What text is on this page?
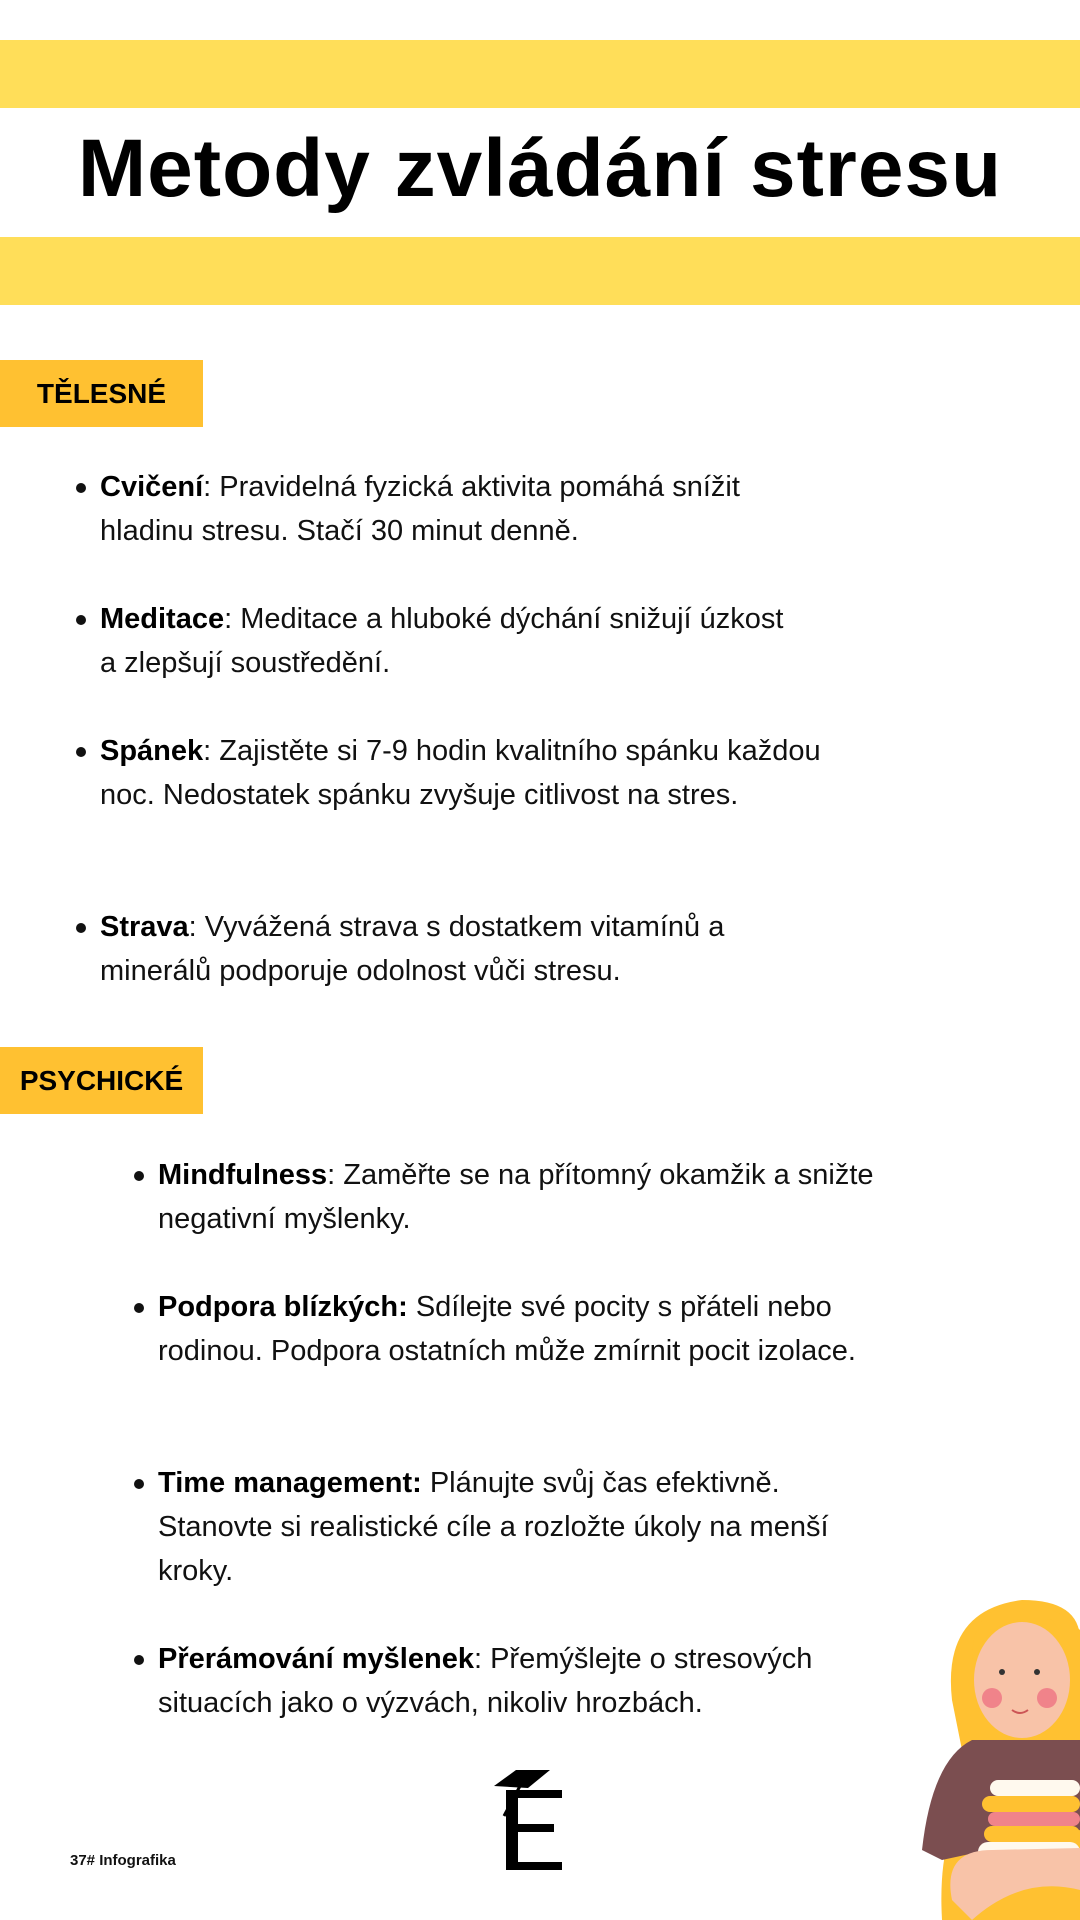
Metody zvládání stresu
TĚLESNÉ
Cvičení: Pravidelná fyzická aktivita pomáhá snížit hladinu stresu. Stačí 30 minut denně.
Meditace: Meditace a hluboké dýchání snižují úzkost a zlepšují soustředění.
Spánek: Zajistěte si 7-9 hodin kvalitního spánku každou noc. Nedostatek spánku zvyšuje citlivost na stres.
Strava: Vyvážená strava s dostatkem vitamínů a minerálů podporuje odolnost vůči stresu.
PSYCHICKÉ
Mindfulness: Zaměřte se na přítomný okamžik a snižte negativní myšlenky.
Podpora blízkých: Sdílejte své pocity s přáteli nebo rodinou. Podpora ostatních může zmírnit pocit izolace.
Time management: Plánujte svůj čas efektivně. Stanovte si realistické cíle a rozložte úkoly na menší kroky.
Přerámování myšlenek: Přemýšlejte o stresových situacích jako o výzvách, nikoliv hrozbách.
37# Infografika
